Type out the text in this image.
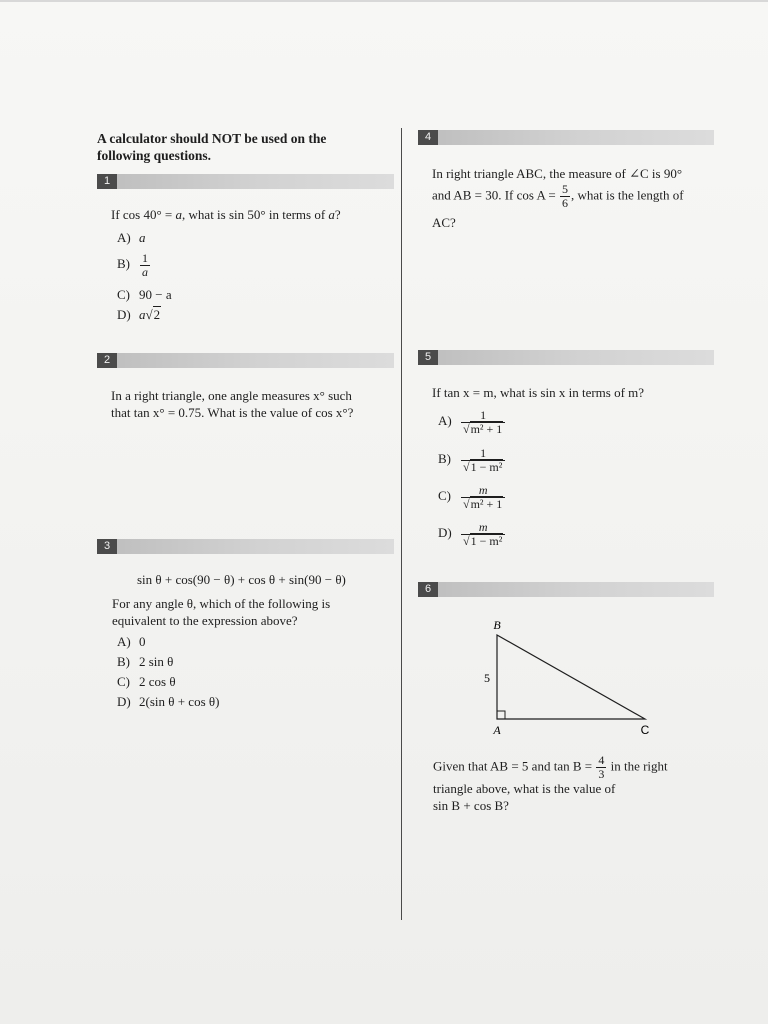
A calculator should NOT be used on the following questions.
1
If cos 40° = a, what is sin 50° in terms of a?
A) a
$B) \frac{1}{a}$
C) 90 − a
D) a√2
2
In a right triangle, one angle measures x° such
that tan x° = 0.75. What is the value of cos x°?
3
sin θ + cos(90 − θ) + cos θ + sin(90 − θ)
For any angle θ, which of the following is
equivalent to the expression above?
A) 0
B) 2 sin θ
C) 2 cos θ
D) 2(sin θ + cos θ)
4
In right triangle ABC, the measure of ∠C is 90°
and AB = 30. If $\cos A = \frac{5}{6}$ , what is the length of
AC?
5
If tan x = m, what is sin x in terms of m?
$A) \frac{1}{\text{√m² + 1}}$
$B) \frac{1}{\text{√1 − m²}}$
$C) \frac{m}{\text{√m² + 1}}$
$D) \frac{m}{\text{√1 − m²}}$
6
B
A	C
5
Given that AB = 5 and $\tan B = \frac{4}{3}$ in the right
triangle above, what is the value of
sin B + cos B?
